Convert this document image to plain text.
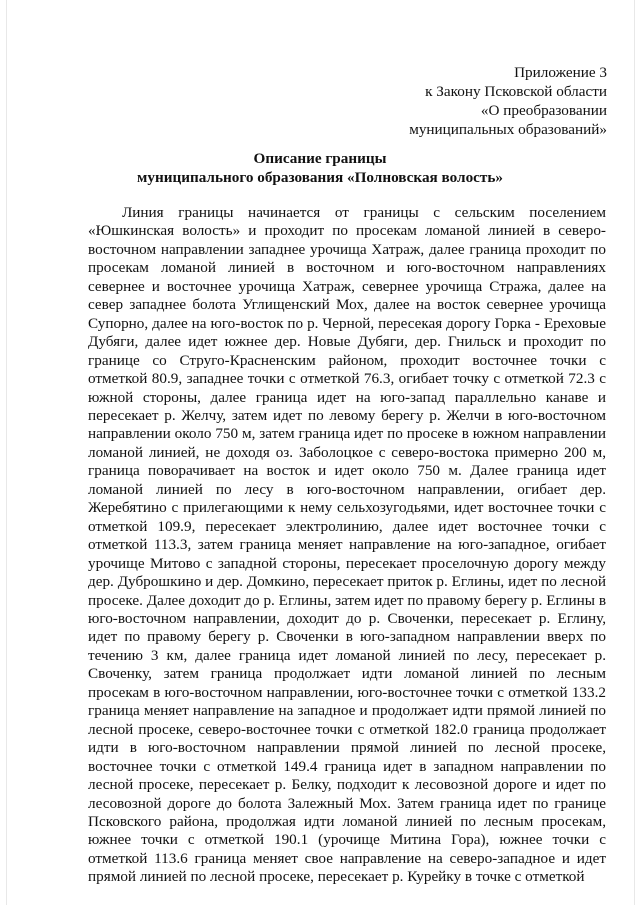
Приложение 3
к Закону Псковской области
«О преобразовании
муниципальных образований»
Описание границы
муниципального образования «Полновская волость»

Линия границы начинается от границы с сельским поселением «Юшкинская волость» и проходит по просекам ломаной линией в северо-восточном направлении западнее урочища Хатраж, далее граница проходит по просекам ломаной линией в восточном и юго-восточном направлениях севернее и восточнее урочища Хатраж, севернее урочища Стража, далее на север западнее болота Углищенский Мох, далее на восток севернее урочища Супорно, далее на юго-восток по р. Черной, пересекая дорогу Горка - Ереховые Дубяги, далее идет южнее дер. Новые Дубяги, дер. Гнильск и проходит по границе со Струго-Красненским районом, проходит восточнее точки с отметкой 80.9, западнее точки с отметкой 76.3, огибает точку с отметкой 72.3 с южной стороны, далее граница идет на юго-запад параллельно канаве и пересекает р. Желчу, затем идет по левому берегу р. Желчи в юго-восточном направлении около 750 м, затем граница идет по просеке в южном направлении ломаной линией, не доходя оз. Заболоцкое с северо-востока примерно 200 м, граница поворачивает на восток и идет около 750 м. Далее граница идет ломаной линией по лесу в юго-восточном направлении, огибает дер. Жеребятино с прилегающими к нему сельхозугодьями, идет восточнее точки с отметкой 109.9, пересекает электролинию, далее идет восточнее точки с отметкой 113.3, затем граница меняет направление на юго-западное, огибает урочище Митово с западной стороны, пересекает проселочную дорогу между дер. Дуброшкино и дер. Домкино, пересекает приток р. Еглины, идет по лесной просеке. Далее доходит до р. Еглины, затем идет по правому берегу р. Еглины в юго-восточном направлении, доходит до р. Своченки, пересекает р. Еглину, идет по правому берегу р. Своченки в юго-западном направлении вверх по течению 3 км, далее граница идет ломаной линией по лесу, пересекает р. Своченку, затем граница продолжает идти ломаной линией по лесным просекам в юго-восточном направлении, юго-восточнее точки с отметкой 133.2 граница меняет направление на западное и продолжает идти прямой линией по лесной просеке, северо-восточнее точки с отметкой 182.0 граница продолжает идти в юго-восточном направлении прямой линией по лесной просеке, восточнее точки с отметкой 149.4 граница идет в западном направлении по лесной просеке, пересекает р. Белку, подходит к лесовозной дороге и идет по лесовозной дороге до болота Залежный Мох. Затем граница идет по границе Псковского района, продолжая идти ломаной линией по лесным просекам, южнее точки с отметкой 190.1 (урочище Митина Гора), южнее точки с отметкой 113.6 граница меняет свое направление на северо-западное и идет прямой линией по лесной просеке, пересекает р. Курейку в точке с отметкой
